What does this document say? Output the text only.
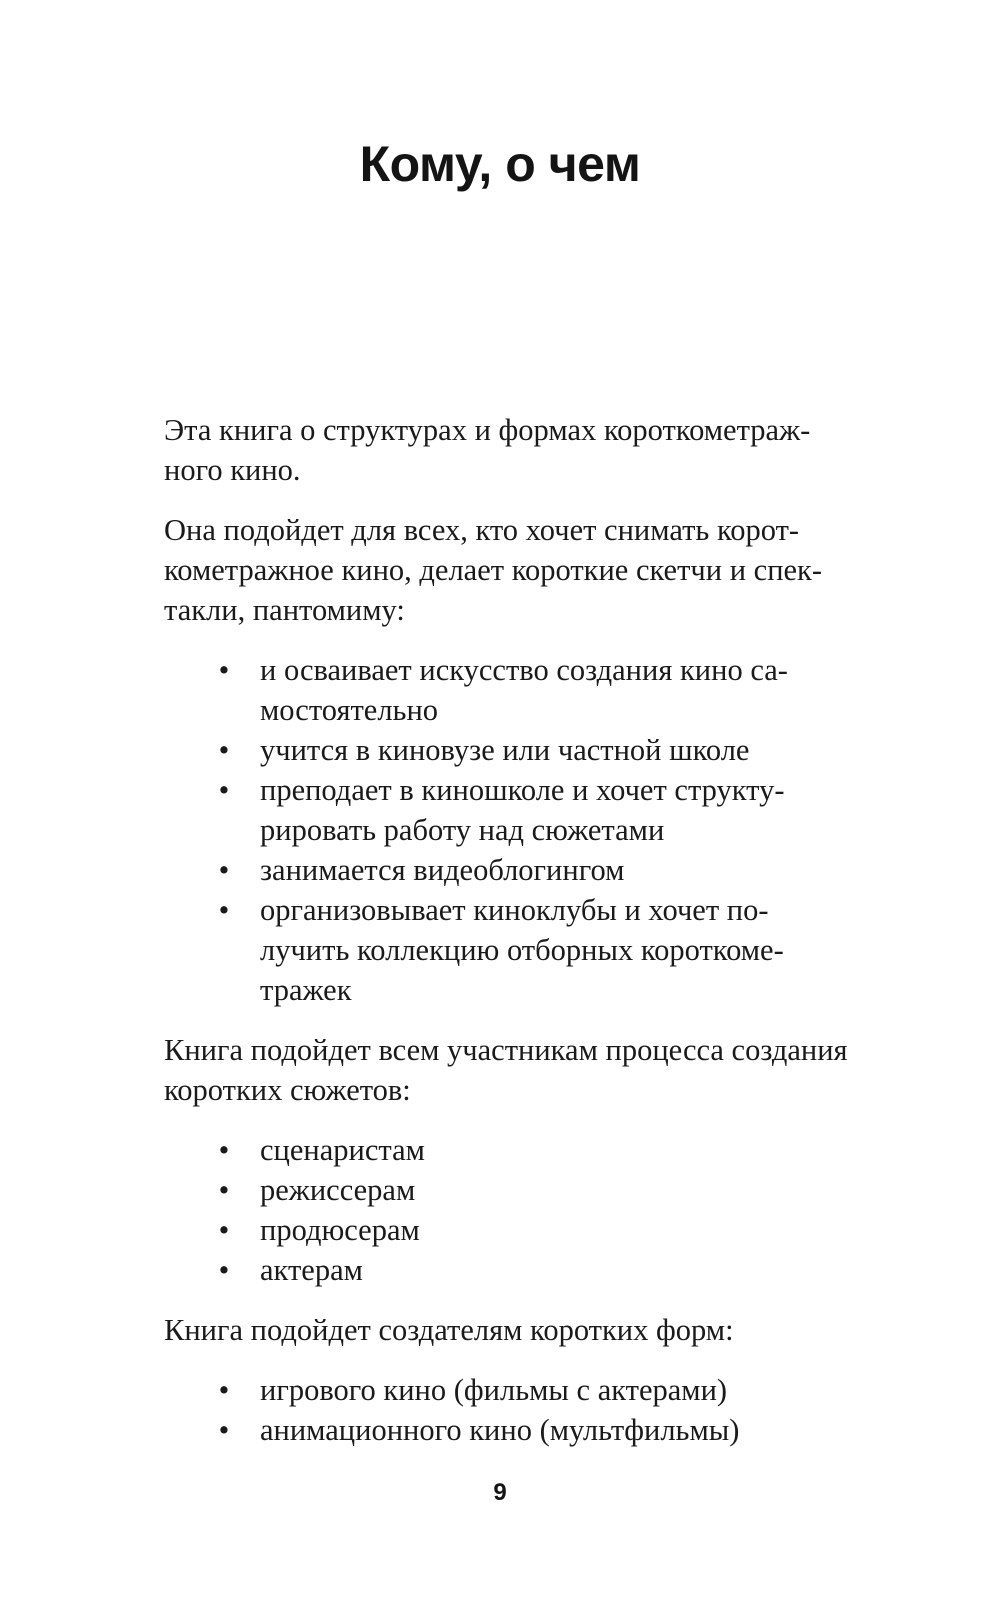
Кому, о чем
Эта книга о структурах и формах короткометраж-
ного кино.
Она подойдет для всех, кто хочет снимать корот-
кометражное кино, делает короткие скетчи и спек-
такли, пантомиму:
• и осваивает искусство создания кино са-
мостоятельно
• учится в киновузе или частной школе
• преподает в киношколе и хочет структу-
рировать работу над сюжетами
• занимается видеоблогингом
• организовывает киноклубы и хочет по-
лучить коллекцию отборных короткоме-
тражек
Книга подойдет всем участникам процесса создания
коротких сюжетов:
• сценаристам
• режиссерам
• продюсерам
• актерам
Книга подойдет создателям коротких форм:
• игрового кино (фильмы с актерами)
• анимационного кино (мультфильмы)
9
